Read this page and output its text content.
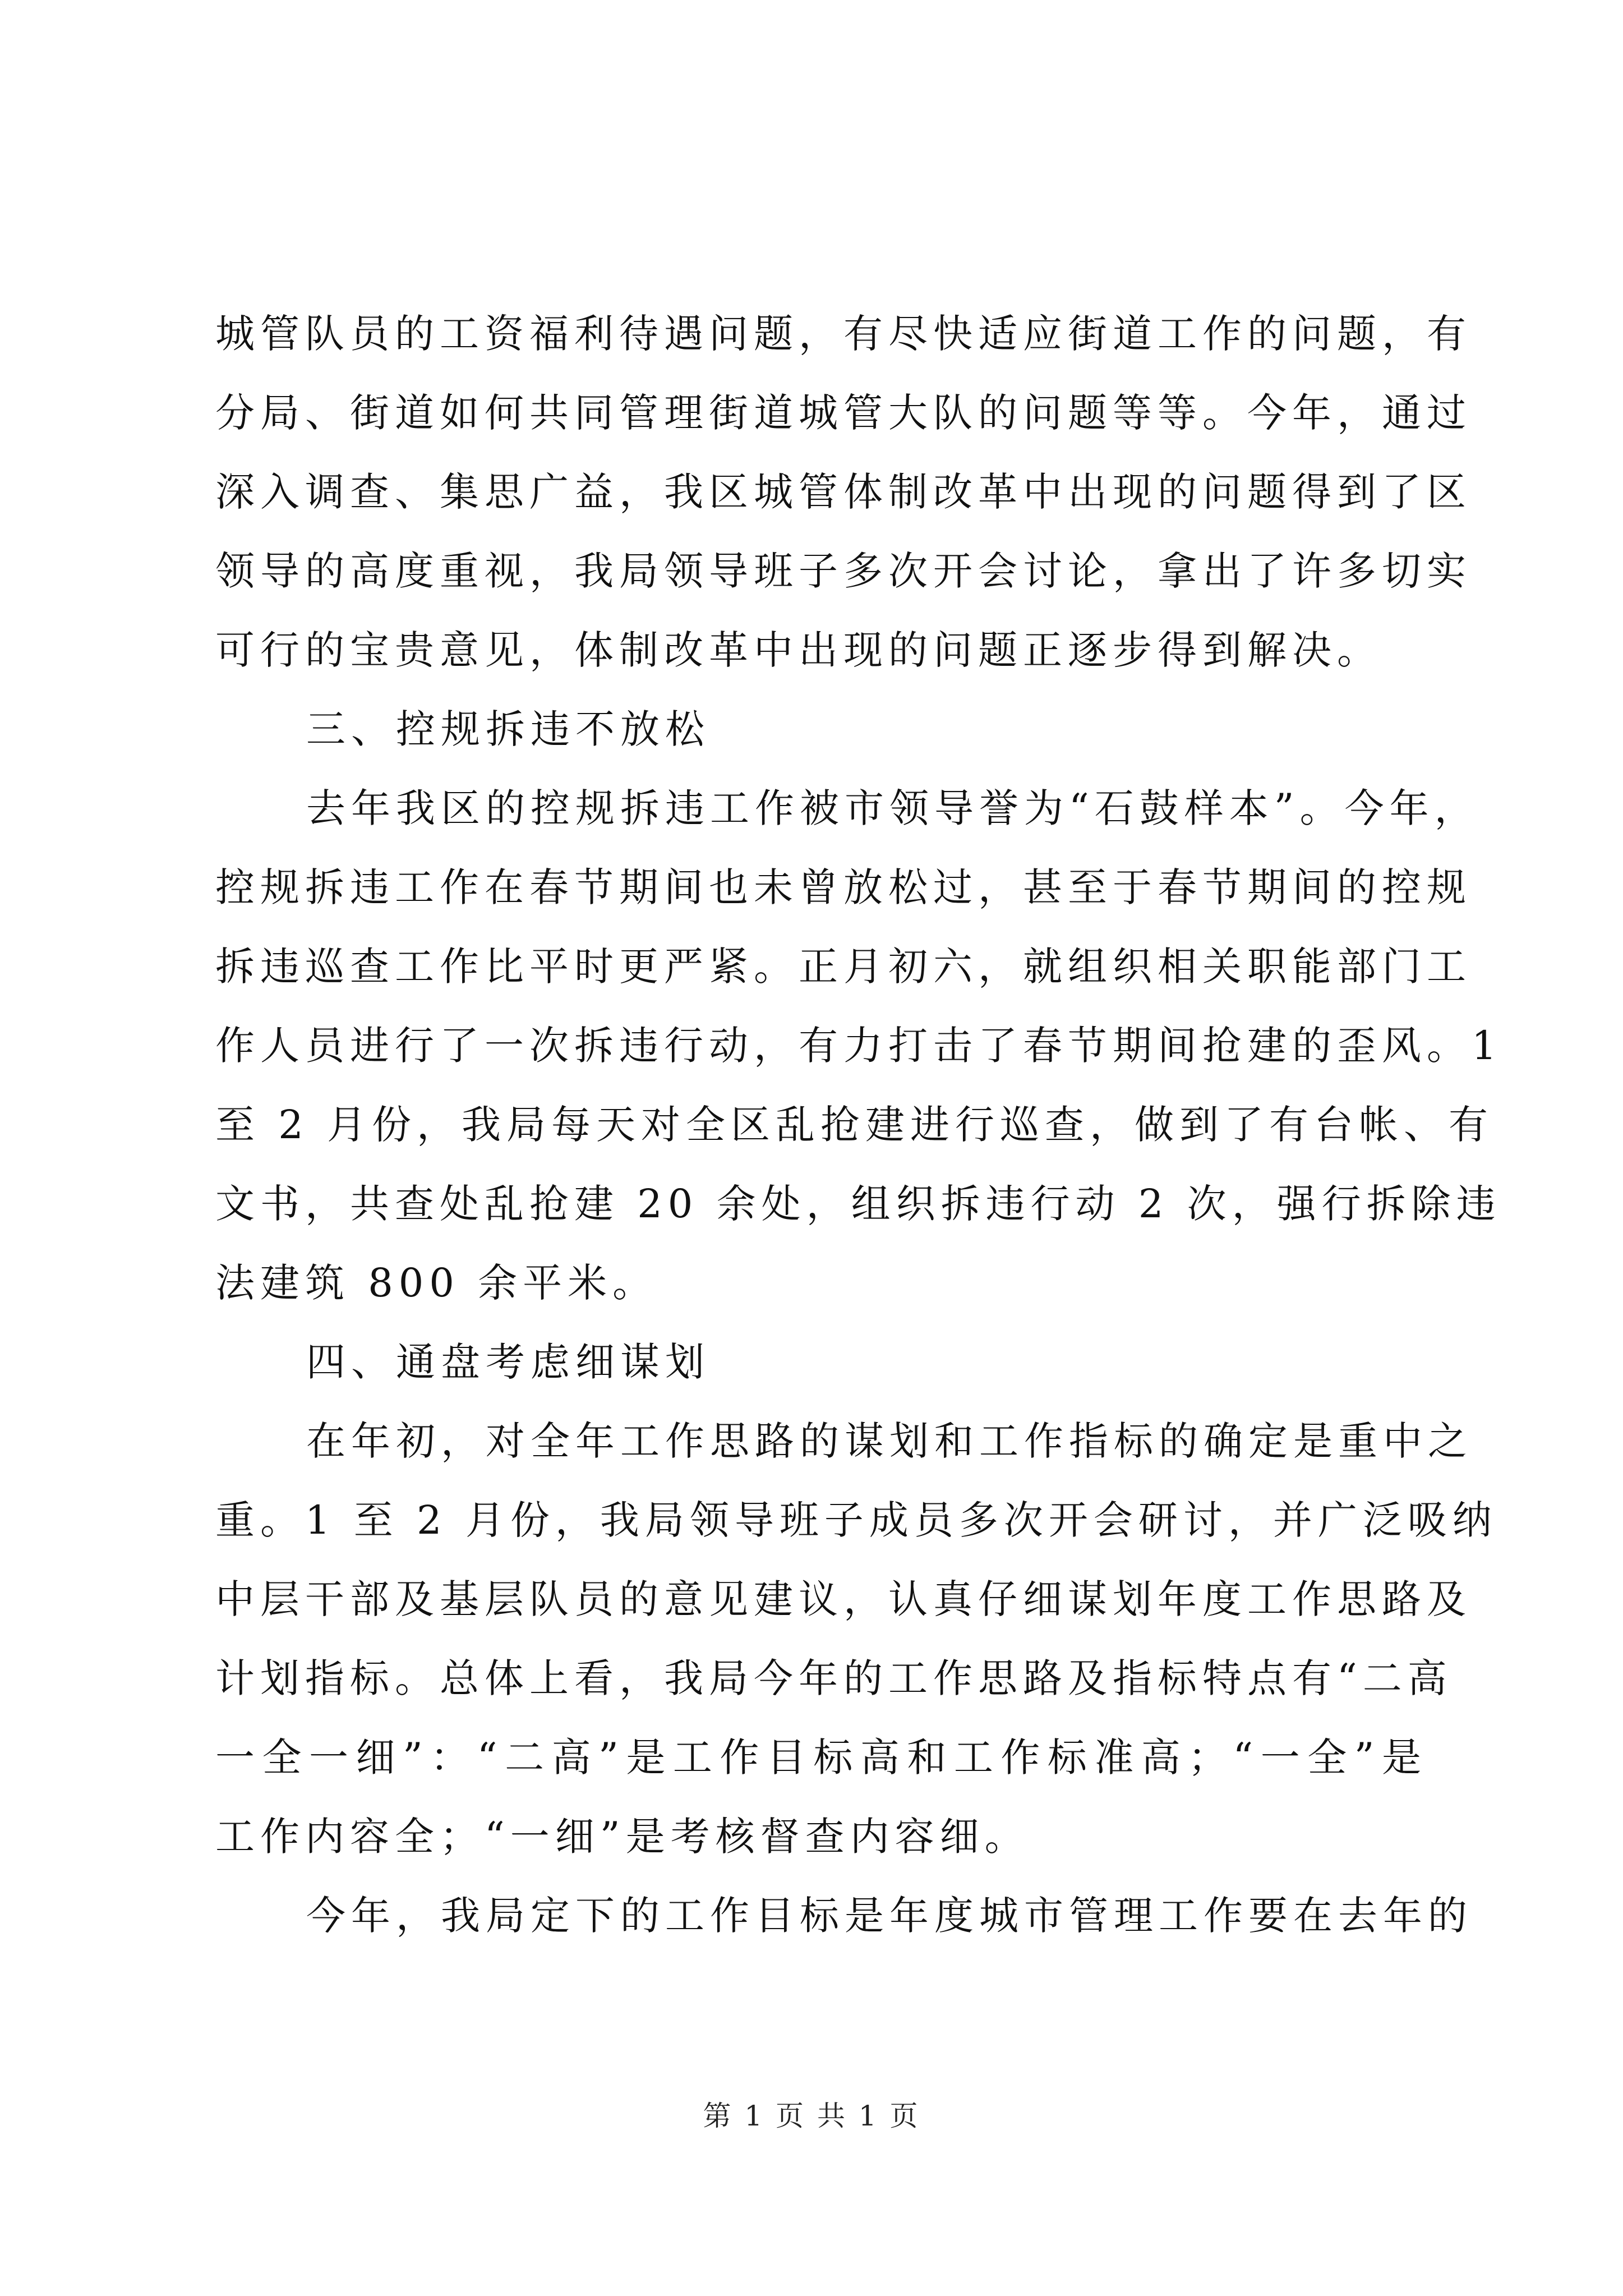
城管队员的工资福利待遇问题，有尽快适应街道工作的问题，有
分局、街道如何共同管理街道城管大队的问题等等。今年，通过
深入调查、集思广益，我区城管体制改革中出现的问题得到了区
领导的高度重视，我局领导班子多次开会讨论，拿出了许多切实
可行的宝贵意见，体制改革中出现的问题正逐步得到解决。
三、控规拆违不放松
去年我区的控规拆违工作被市领导誉为“石鼓样本”。今年，
控规拆违工作在春节期间也未曾放松过，甚至于春节期间的控规
拆违巡查工作比平时更严紧。正月初六，就组织相关职能部门工
作人员进行了一次拆违行动，有力打击了春节期间抢建的歪风。1
至 2 月份，我局每天对全区乱抢建进行巡查，做到了有台帐、有
文书，共查处乱抢建 20 余处，组织拆违行动 2 次，强行拆除违
法建筑 800 余平米。
四、通盘考虑细谋划
在年初，对全年工作思路的谋划和工作指标的确定是重中之
重。1 至 2 月份，我局领导班子成员多次开会研讨，并广泛吸纳
中层干部及基层队员的意见建议，认真仔细谋划年度工作思路及
计划指标。总体上看，我局今年的工作思路及指标特点有“二高
一全一细”：“二高”是工作目标高和工作标准高；“一全”是
工作内容全；“一细”是考核督查内容细。
今年，我局定下的工作目标是年度城市管理工作要在去年的
第 1 页 共 1 页
